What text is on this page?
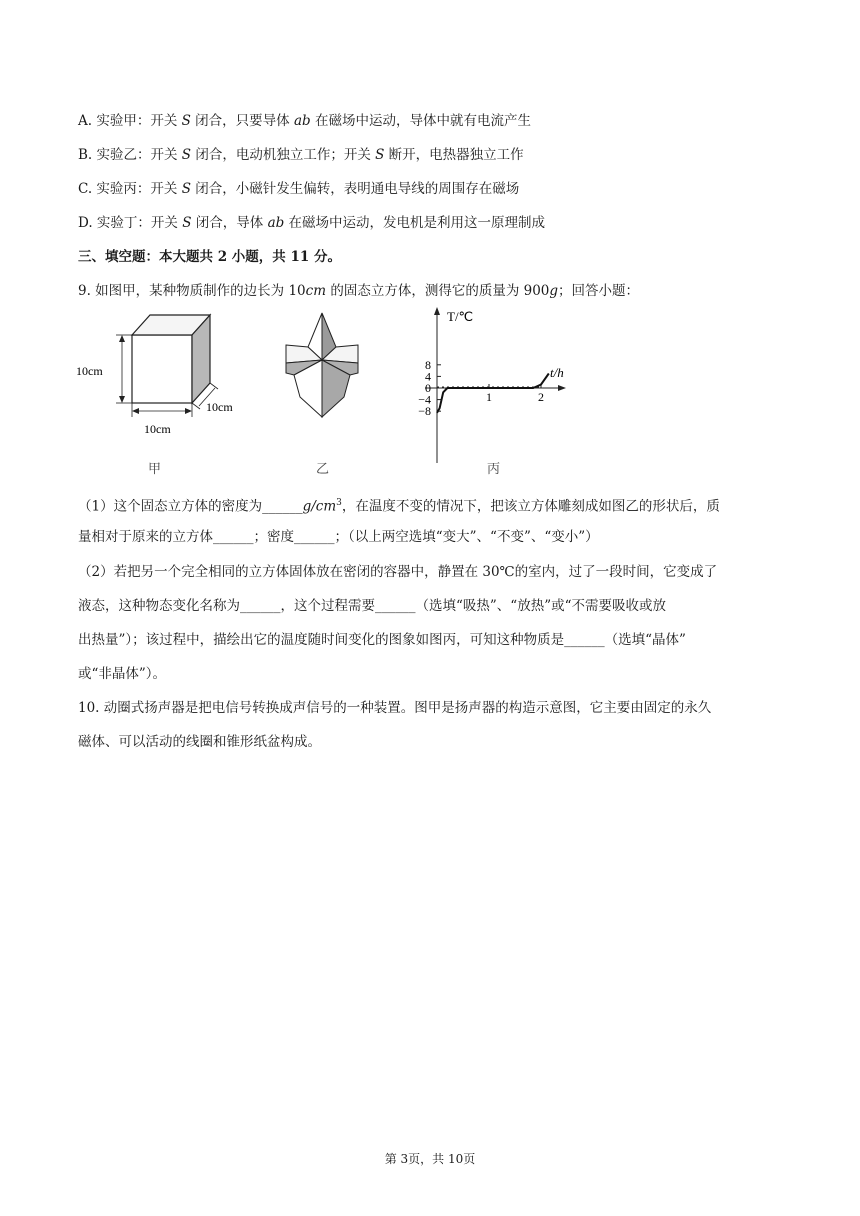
A. 实验甲：开关 S 闭合，只要导体 ab 在磁场中运动，导体中就有电流产生
B. 实验乙：开关 S 闭合，电动机独立工作；开关 S 断开，电热器独立工作
C. 实验丙：开关 S 闭合，小磁针发生偏转，表明通电导线的周围存在磁场
D. 实验丁：开关 S 闭合，导体 ab 在磁场中运动，发电机是利用这一原理制成
三、填空题：本大题共 2 小题，共 11 分。
9. 如图甲，某种物质制作的边长为 10cm 的固态立方体，测得它的质量为 900g；回答小题：
10cm
10cm
10cm
甲	乙
T/℃
t/h
8
4
0
−4
−8
1	2
丙
（1）这个固态立方体的密度为$\_\_\_\_\_\_g/cm^3$，在温度不变的情况下，把该立方体雕刻成如图乙的形状后，质
量相对于原来的立方体______；密度______；（以上两空选填“变大”、“不变”、“变小”）
（2）若把另一个完全相同的立方体固体放在密闭的容器中，静置在 30℃的室内，过了一段时间，它变成了
液态，这种物态变化名称为______，这个过程需要______（选填“吸热”、“放热”或“不需要吸收或放
出热量”）；该过程中，描绘出它的温度随时间变化的图象如图丙，可知这种物质是______（选填“晶体”
或“非晶体”）。
10. 动圈式扬声器是把电信号转换成声信号的一种装置。图甲是扬声器的构造示意图，它主要由固定的永久
磁体、可以活动的线圈和锥形纸盆构成。
第 3页，共 10页
